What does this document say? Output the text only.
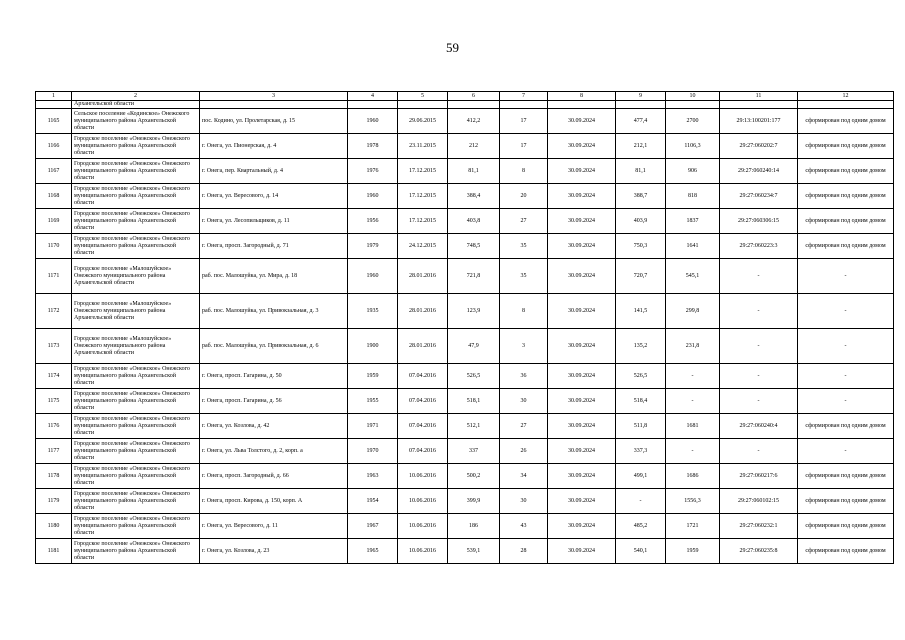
59
1	2	3	4	5	6	7	8	9	10	11	12
	Архангельской области										
1165	Сельское поселение «Кодинское» Онежского муниципального района Архангельской области	пос. Кодино, ул. Пролетарская, д. 15	1960	29.06.2015	412,2	17	30.09.2024	477,4	2700	29:13:100201:177	сформирован под одним домом
1166	Городское поселение «Онежское» Онежского муниципального района Архангельской области	г. Онега, ул. Пионерская, д. 4	1978	23.11.2015	212	17	30.09.2024	212,1	1106,3	29:27:060202:7	сформирован под одним домом
1167	Городское поселение «Онежское» Онежского муниципального района Архангельской области	г. Онега, пер. Квартальный, д. 4	1976	17.12.2015	81,1	8	30.09.2024	81,1	906	29:27:060240:14	сформирован под одним домом
1168	Городское поселение «Онежское» Онежского муниципального района Архангельской области	г. Онега, ул. Вересового, д. 14	1960	17.12.2015	388,4	20	30.09.2024	388,7	818	29:27:060234:7	сформирован под одним домом
1169	Городское поселение «Онежское» Онежского муниципального района Архангельской области	г. Онега, ул. Лесопильщиков, д. 11	1956	17.12.2015	403,8	27	30.09.2024	403,9	1837	29:27:060306:15	сформирован под одним домом
1170	Городское поселение «Онежское» Онежского муниципального района Архангельской области	г. Онега, просп. Загородный, д. 71	1979	24.12.2015	748,5	35	30.09.2024	750,3	1641	29:27:060223:3	сформирован под одним домом
1171	Городское поселение «Малошуйское» Онежского муниципального района Архангельской области	раб. пос. Малошуйка, ул. Мира, д. 18	1960	28.01.2016	721,8	35	30.09.2024	720,7	545,1	-	-
1172	Городское поселение «Малошуйское» Онежского муниципального района Архангельской области	раб. пос. Малошуйка, ул. Привокзальная, д. 3	1935	28.01.2016	123,9	8	30.09.2024	141,5	299,8	-	-
1173	Городское поселение «Малошуйское» Онежского муниципального района Архангельской области	раб. пос. Малошуйка, ул. Привокзальная, д. 6	1900	28.01.2016	47,9	3	30.09.2024	135,2	231,8	-	-
1174	Городское поселение «Онежское» Онежского муниципального района Архангельской области	г. Онега, просп. Гагарина, д. 50	1959	07.04.2016	526,5	36	30.09.2024	526,5	-	-	-
1175	Городское поселение «Онежское» Онежского муниципального района Архангельской области	г. Онега, просп. Гагарина, д. 56	1955	07.04.2016	518,1	30	30.09.2024	518,4	-	-	-
1176	Городское поселение «Онежское» Онежского муниципального района Архангельской области	г. Онега, ул. Козлова, д. 42	1971	07.04.2016	512,1	27	30.09.2024	511,8	1681	29:27:060240:4	сформирован под одним домом
1177	Городское поселение «Онежское» Онежского муниципального района Архангельской области	г. Онега, ул. Льва Толстого, д. 2, корп. а	1970	07.04.2016	337	26	30.09.2024	337,3	-	-	-
1178	Городское поселение «Онежское» Онежского муниципального района Архангельской области	г. Онега, просп. Загородный, д. 66	1963	10.06.2016	500,2	34	30.09.2024	499,1	1686	29:27:060217:6	сформирован под одним домом
1179	Городское поселение «Онежское» Онежского муниципального района Архангельской области	г. Онега, просп. Кирова, д. 150, корп. А	1954	10.06.2016	399,9	30	30.09.2024	-	1556,3	29:27:060102:15	сформирован под одним домом
1180	Городское поселение «Онежское» Онежского муниципального района Архангельской области	г. Онега, ул. Вересового, д. 11	1967	10.06.2016	186	43	30.09.2024	485,2	1721	29:27:060232:1	сформирован под одним домом
1181	Городское поселение «Онежское» Онежского муниципального района Архангельской области	г. Онега, ул. Козлова, д. 23	1965	10.06.2016	539,1	28	30.09.2024	540,1	1959	29:27:060235:8	сформирован под одним домом
